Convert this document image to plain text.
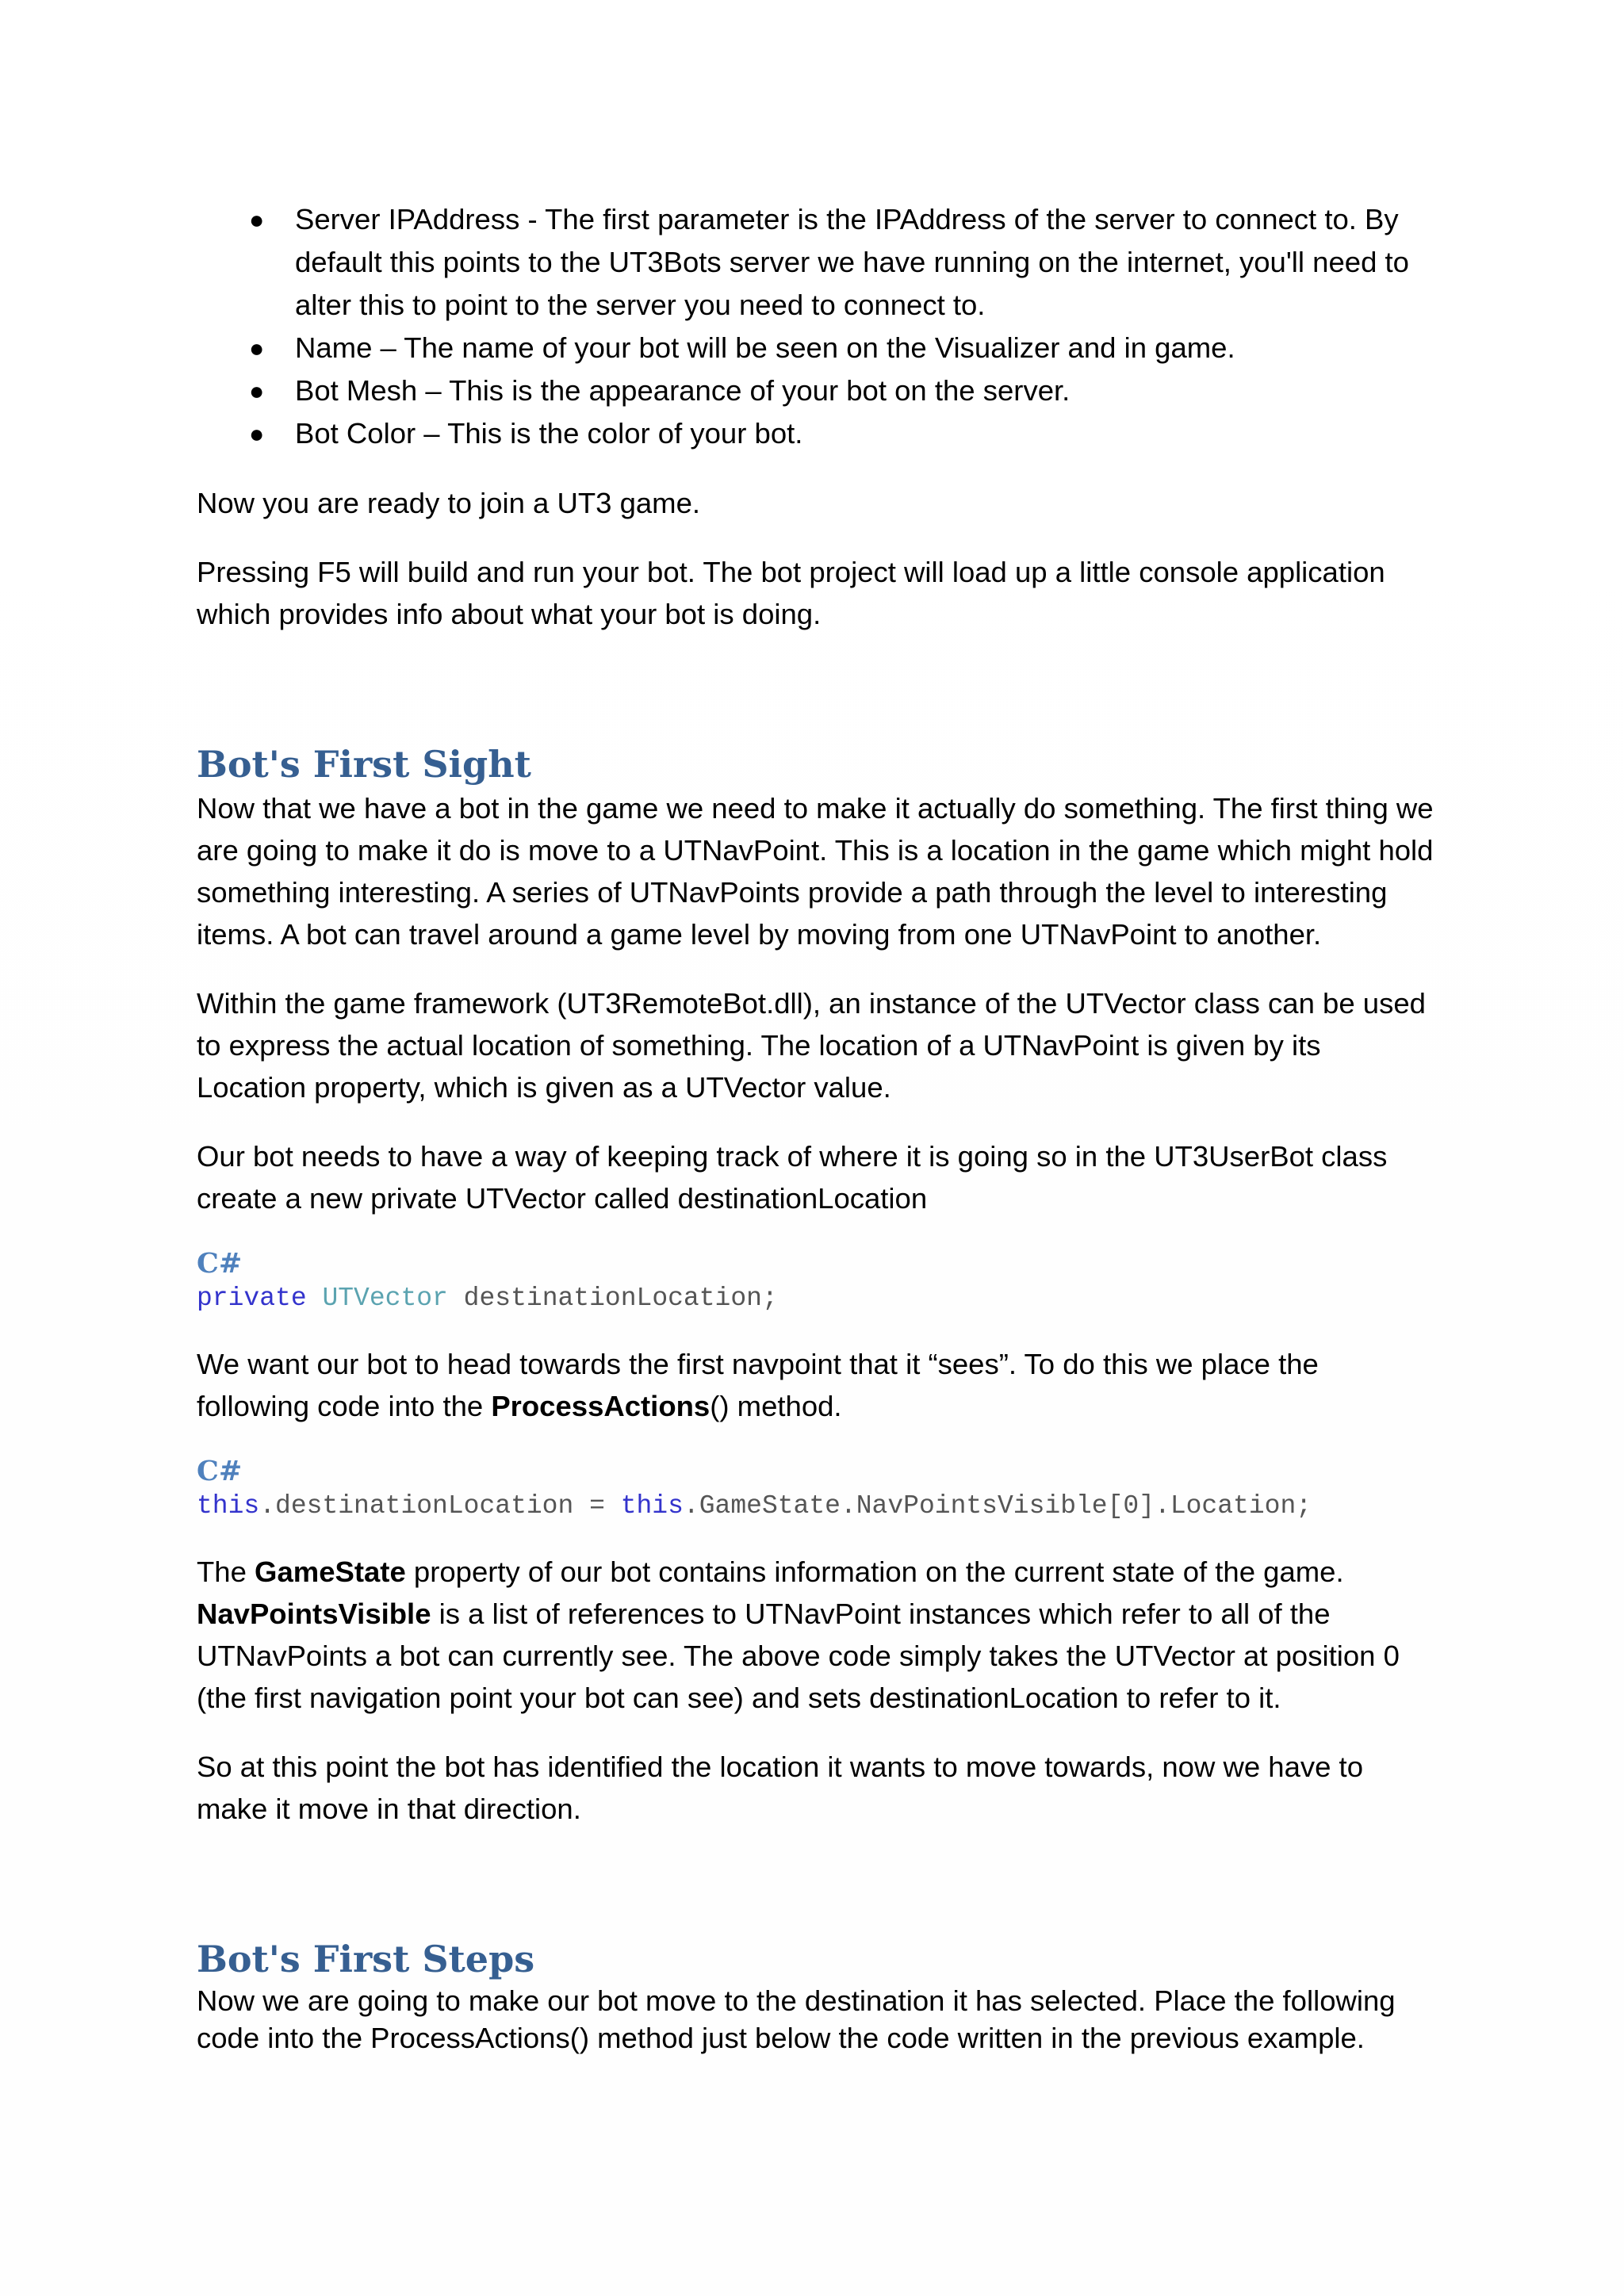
● Server IPAddress - The first parameter is the IPAddress of the server to connect to. By default this points to the UT3Bots server we have running on the internet, you'll need to alter this to point to the server you need to connect to.
● Name – The name of your bot will be seen on the Visualizer and in game.
● Bot Mesh – This is the appearance of your bot on the server.
● Bot Color – This is the color of your bot.

Now you are ready to join a UT3 game.

Pressing F5 will build and run your bot. The bot project will load up a little console application which provides info about what your bot is doing.

Bot's First Sight

Now that we have a bot in the game we need to make it actually do something. The first thing we are going to make it do is move to a UTNavPoint. This is a location in the game which might hold something interesting. A series of UTNavPoints provide a path through the level to interesting items. A bot can travel around a game level by moving from one UTNavPoint to another.

Within the game framework (UT3RemoteBot.dll), an instance of the UTVector class can be used to express the actual location of something. The location of a UTNavPoint is given by its Location property, which is given as a UTVector value.

Our bot needs to have a way of keeping track of where it is going so in the UT3UserBot class create a new private UTVector called destinationLocation

C#

private UTVector destinationLocation;

We want our bot to head towards the first navpoint that it “sees”. To do this we place the following code into the ProcessActions() method.

C#

this.destinationLocation = this.GameState.NavPointsVisible[0].Location;

The GameState property of our bot contains information on the current state of the game. NavPointsVisible is a list of references to UTNavPoint instances which refer to all of the UTNavPoints a bot can currently see. The above code simply takes the UTVector at position 0 (the first navigation point your bot can see) and sets destinationLocation to refer to it.

So at this point the bot has identified the location it wants to move towards, now we have to make it move in that direction.

Bot's First Steps

Now we are going to make our bot move to the destination it has selected. Place the following code into the ProcessActions() method just below the code written in the previous example.
